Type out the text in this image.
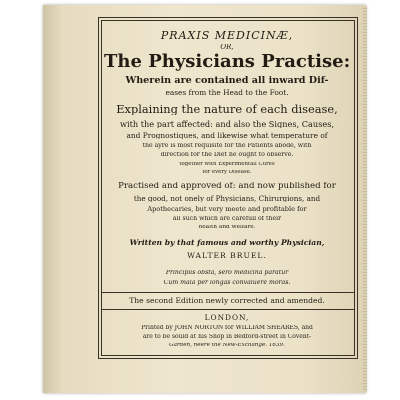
PRAXIS MEDICINÆ,
OR,
The Physicians Practise:
Wherein are contained all inward Dif-
eases from the Head to the Foot.
Explaining the nature of each disease,
with the part affected: and also the Signes, Causes,
and Prognostiques, and likewise what temperature of
the ayre is most requisite for the Patients abode, with
direction for the Diet he ought to observe.
together with Experimentall Cures
for every Disease.
Practised and approved of: and now published for
the good, not onely of Physicians, Chirurgions, and
Apothecaries, but very meete and profitable for
all such which are carefull of their
health and welfare.
Written by that famous and worthy Physician,
WALTER BRUEL.
Principiis obsta, sero medicina paratur
Cum mala per longas convaluere moras.
The second Edition newly corrected and amended.
LONDON,
Printed by JOHN NORTON for WILLIAM SHEARES, and
are to be sould at his Shop in Bedford-street in Covent-
Garden, neere the New-Exchange. 1639.
